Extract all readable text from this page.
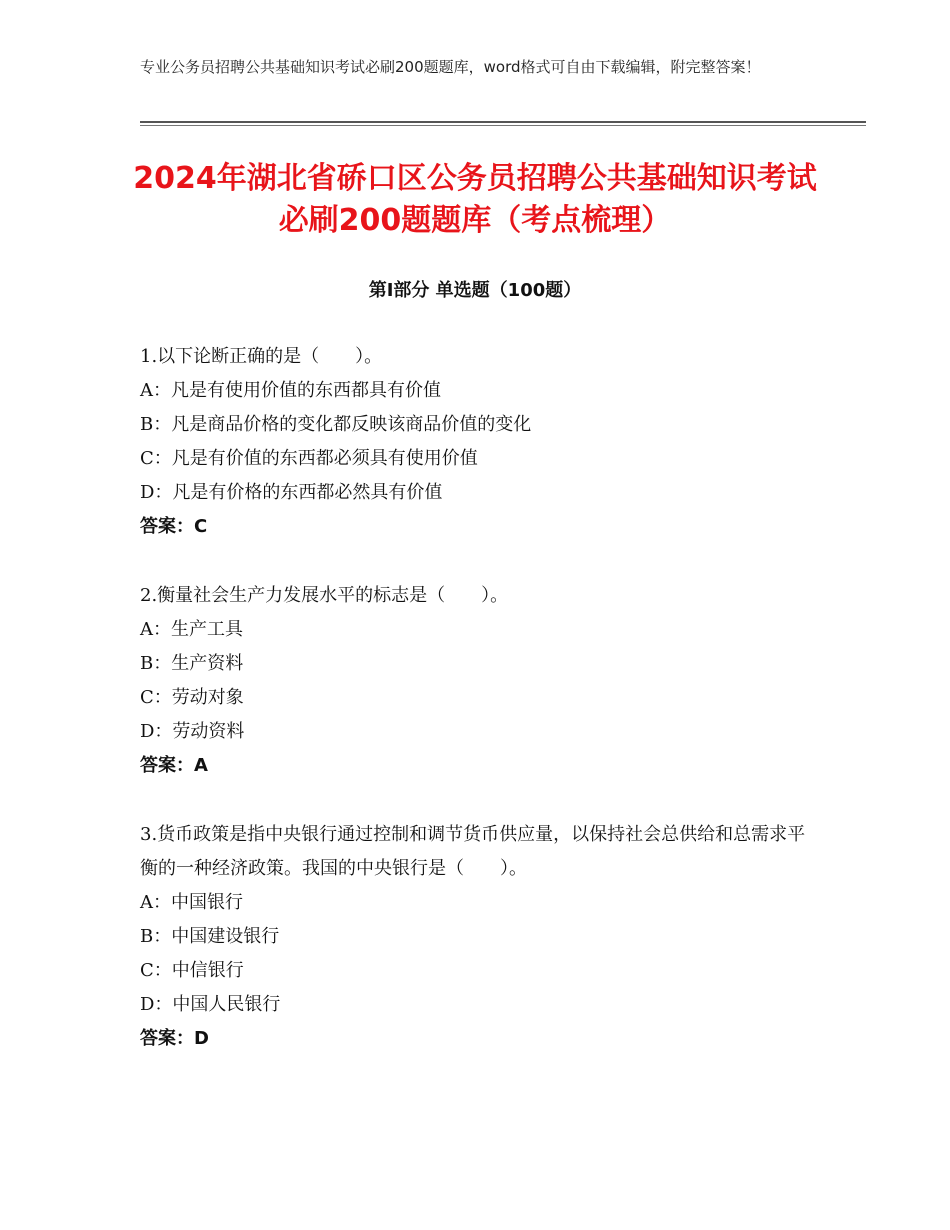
专业公务员招聘公共基础知识考试必刷200题题库，word格式可自由下载编辑，附完整答案！
2024年湖北省硚口区公务员招聘公共基础知识考试必刷200题题库（考点梳理）
第Ⅰ部分 单选题（100题）
1.以下论断正确的是（　　）。
A：凡是有使用价值的东西都具有价值
B：凡是商品价格的变化都反映该商品价值的变化
C：凡是有价值的东西都必须具有使用价值
D：凡是有价格的东西都必然具有价值
答案：C
2.衡量社会生产力发展水平的标志是（　　）。
A：生产工具
B：生产资料
C：劳动对象
D：劳动资料
答案：A
3.货币政策是指中央银行通过控制和调节货币供应量，以保持社会总供给和总需求平衡的一种经济政策。我国的中央银行是（　　）。
A：中国银行
B：中国建设银行
C：中信银行
D：中国人民银行
答案：D
